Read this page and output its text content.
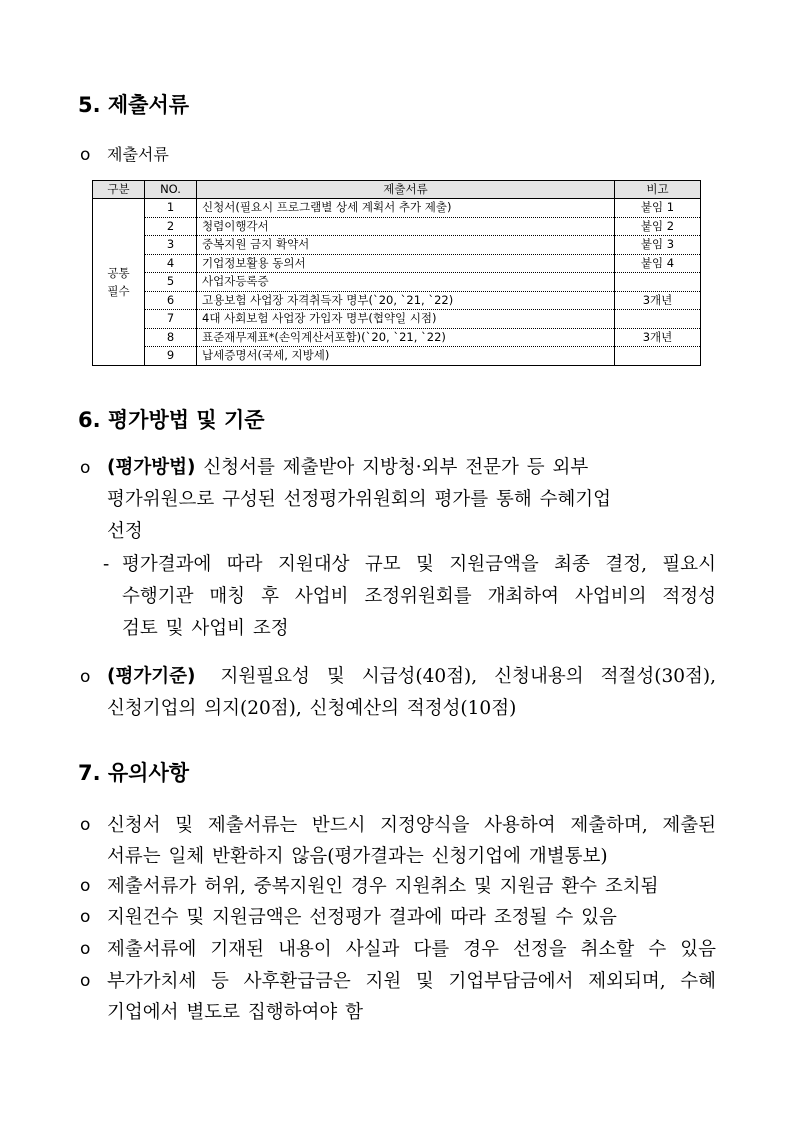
5. 제출서류
o 제출서류
구분	NO.	제출서류	비고

공통
필수	1	신청서(필요시 프로그램별 상세 계획서 추가 제출)	붙임 1
	2	청렴이행각서	붙임 2
	3	중복지원 금지 확약서	붙임 3
	4	기업정보활용 동의서	붙임 4
	5	사업자등록증	
	6	고용보험 사업장 자격취득자 명부(`20, `21, `22)	3개년
	7	4대 사회보험 사업장 가입자 명부(협약일 시점)	
	8	표준재무제표*(손익계산서포함)(`20, `21, `22)	3개년
	9	납세증명서(국세, 지방세)	
6. 평가방법 및 기준
o (평가방법) 신청서를 제출받아 지방청·외부 전문가 등 외부
평가위원으로 구성된 선정평가위원회의 평가를 통해 수혜기업
선정
- 평가결과에 따라 지원대상 규모 및 지원금액을 최종 결정, 필요시
수행기관 매칭 후 사업비 조정위원회를 개최하여 사업비의 적정성
검토 및 사업비 조정
o (평가기준) 지원필요성 및 시급성(40점), 신청내용의 적절성(30점),
신청기업의 의지(20점), 신청예산의 적정성(10점)
7. 유의사항
o 신청서 및 제출서류는 반드시 지정양식을 사용하여 제출하며, 제출된
서류는 일체 반환하지 않음(평가결과는 신청기업에 개별통보)
o 제출서류가 허위, 중복지원인 경우 지원취소 및 지원금 환수 조치됨
o 지원건수 및 지원금액은 선정평가 결과에 따라 조정될 수 있음
o 제출서류에 기재된 내용이 사실과 다를 경우 선정을 취소할 수 있음
o 부가가치세 등 사후환급금은 지원 및 기업부담금에서 제외되며, 수혜
기업에서 별도로 집행하여야 함
